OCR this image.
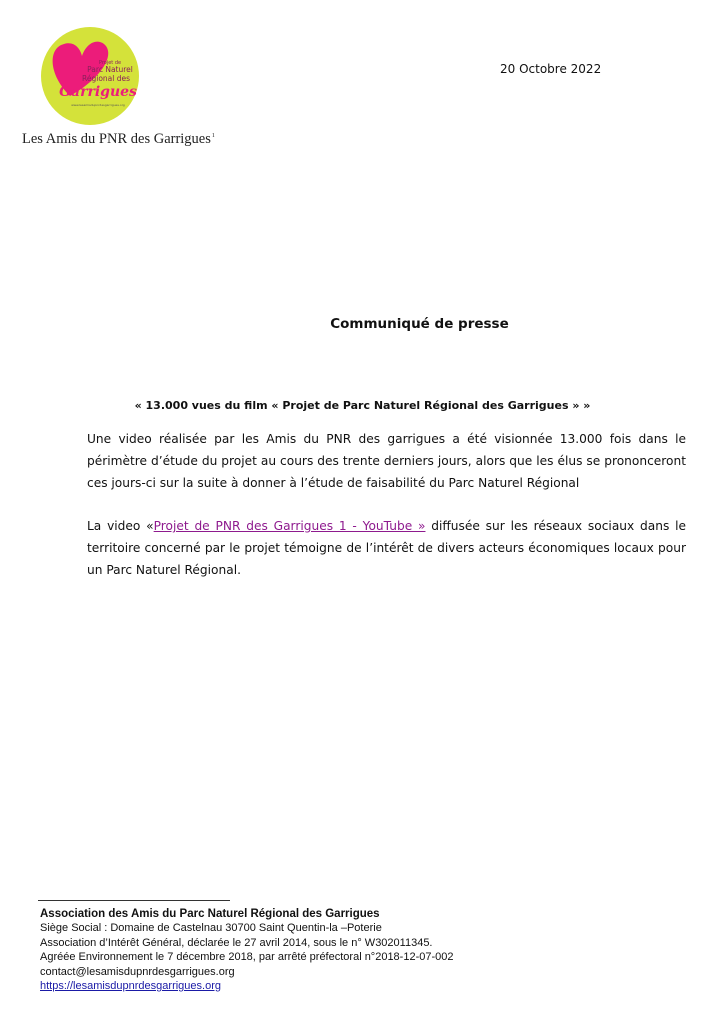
Projet de
Parc Naturel
Régional des
Garrigues
www.lesamisdupnrdesgarrigues.org
Les Amis du PNR des Garrigues$^1$
20 Octobre 2022
Communiqué de presse
« 13.000 vues du film « Projet de Parc Naturel Régional des Garrigues » »

Une video réalisée par les Amis du PNR des garrigues a été visionnée 13.000 fois dans le périmètre d’étude du projet au cours des trente derniers jours, alors que les élus se prononceront ces jours-ci sur la suite à donner à l’étude de faisabilité du Parc Naturel Régional

La video «Projet de PNR des Garrigues 1 - YouTube » diffusée sur les réseaux sociaux dans le territoire concerné par le projet témoigne de l’intérêt de divers acteurs économiques locaux pour un Parc Naturel Régional.

Association des Amis du Parc Naturel Régional des Garrigues
Siège Social : Domaine de Castelnau 30700 Saint Quentin-la –Poterie
Association d’Intérêt Général, déclarée le 27 avril 2014, sous le n° W302011345.
Agréée Environnement le 7 décembre 2018, par arrêté préfectoral n°2018-12-07-002
contact@lesamisdupnrdesgarrigues.org
https://lesamisdupnrdesgarrigues.org
